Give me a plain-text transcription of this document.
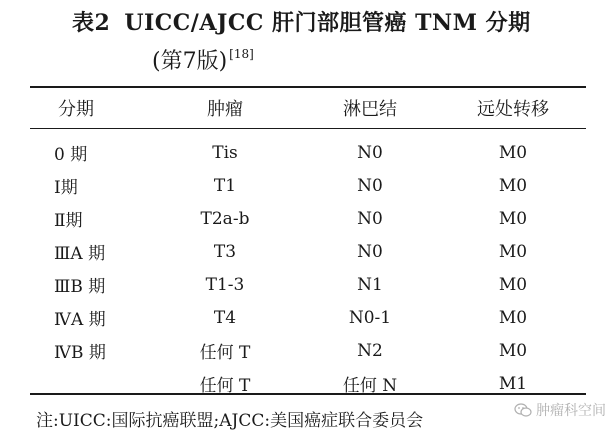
表2 UICC/AJCC 肝门部胆管癌 TNM 分期
(第7版) [18]
分期	肿瘤	淋巴结	远处转移
0 期	Tis	N0	M0
Ⅰ期	T1	N0	M0
Ⅱ期	T2a-b	N0	M0
ⅢA 期	T3	N0	M0
ⅢB 期	T1-3	N1	M0
ⅣA 期	T4	N0-1	M0
ⅣB 期	任何 T	N2	M0
	任何 T	任何 N	M1
注:UICC:国际抗癌联盟;AJCC:美国癌症联合委员会	肿瘤科空间
